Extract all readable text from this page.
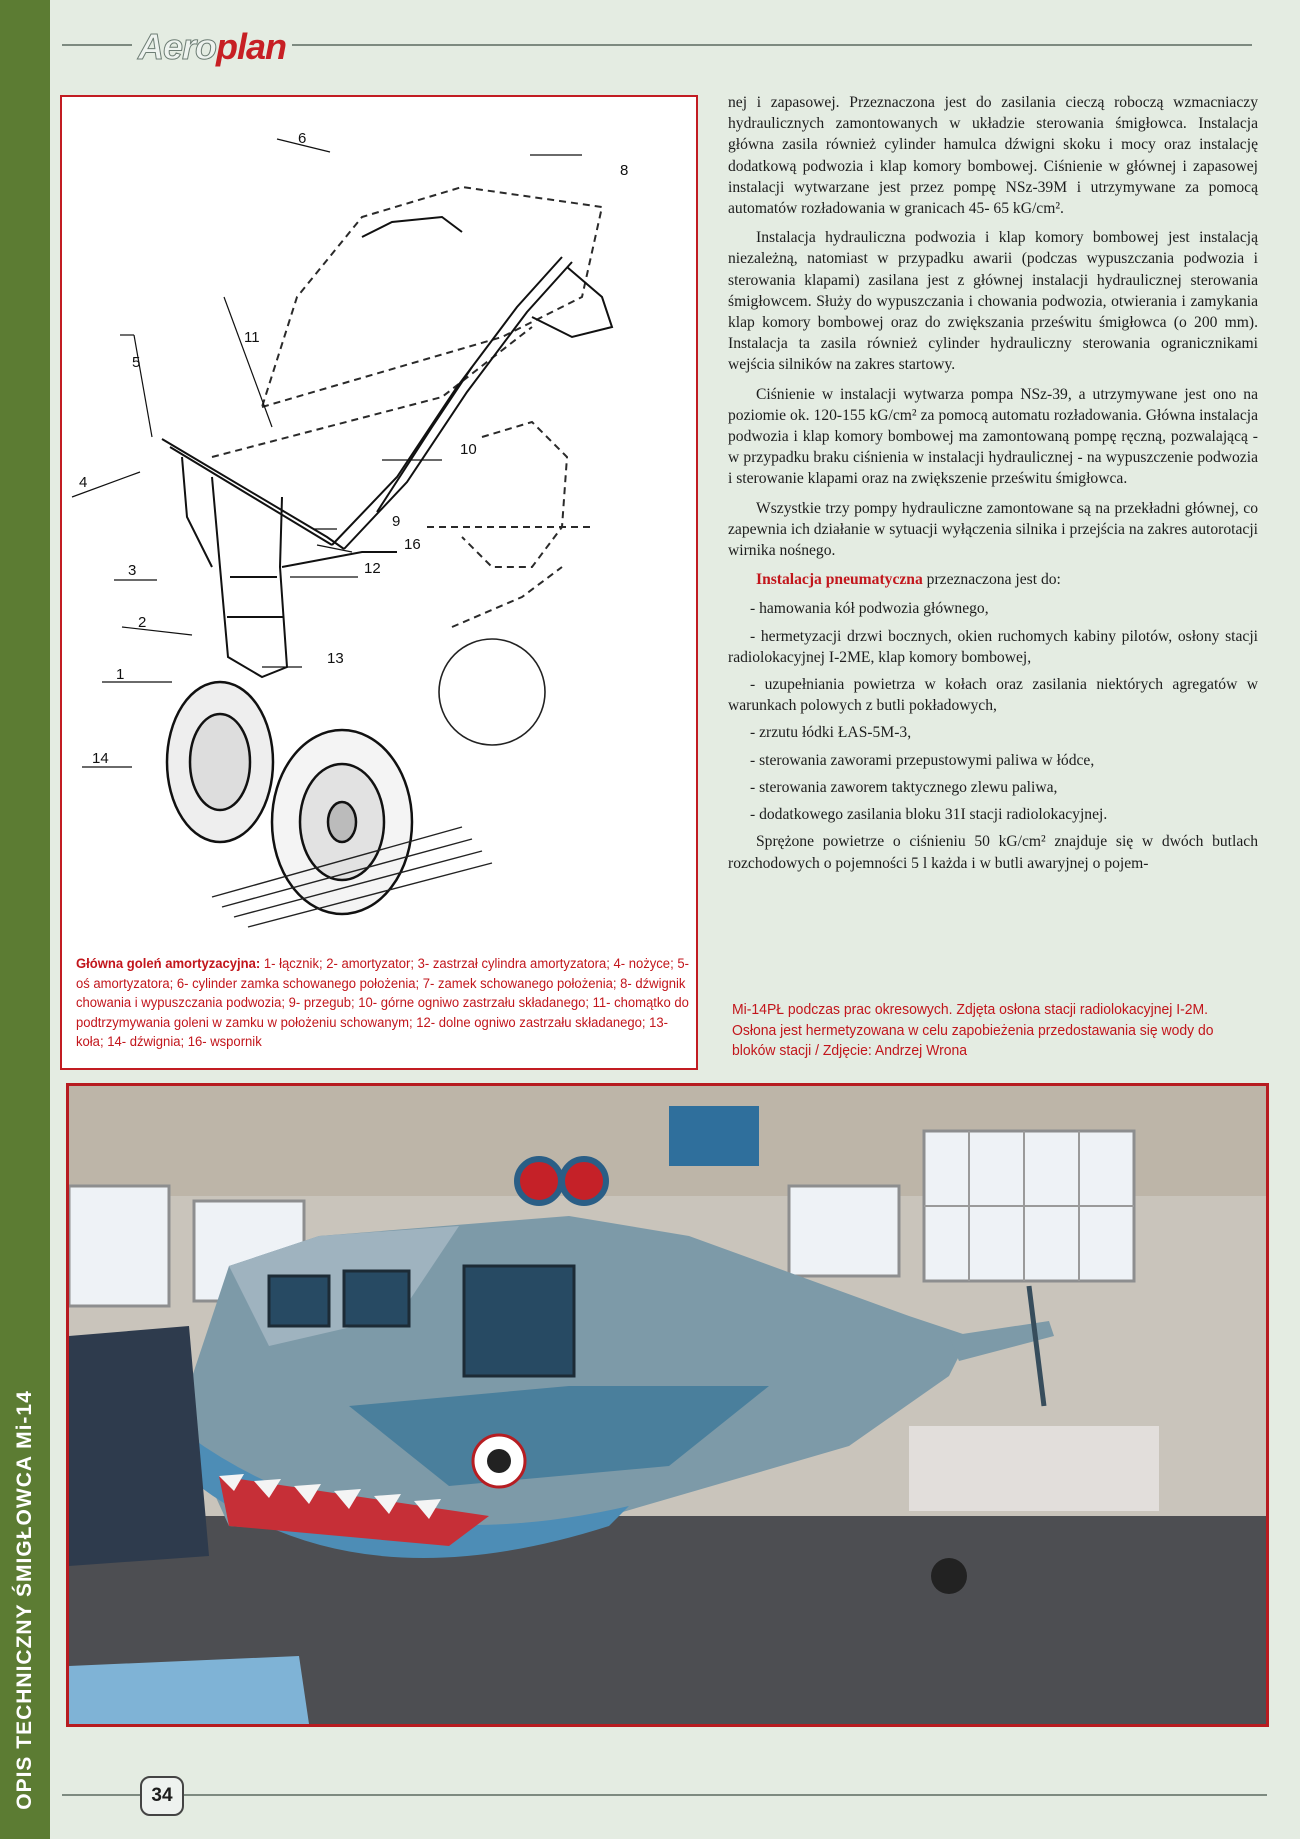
OPIS TECHNICZNY ŚMIGŁOWCA Mi-14
Aeroplan
6
8
11
5
10
4
9
16
3	12
2
13
1
14
Główna goleń amortyzacyjna: 1- łącznik; 2- amortyzator; 3- zastrzał cylindra amortyzatora; 4- nożyce; 5- oś amortyzatora; 6- cylinder zamka schowanego położenia; 7- zamek schowanego położenia; 8- dźwignik chowania i wypuszczania podwozia; 9- przegub; 10- górne ogniwo zastrzału składanego; 11- chomątko do podtrzymywania goleni w zamku w położeniu schowanym; 12- dolne ogniwo zastrzału składanego; 13- koła; 14- dźwignia; 16- wspornik

nej i zapasowej. Przeznaczona jest do zasilania cieczą roboczą wzmacniaczy hydraulicznych zamontowanych w układzie sterowania śmigłowca. Instalacja główna zasila również cylinder hamulca dźwigni skoku i mocy oraz instalację dodatkową podwozia i klap komory bombowej. Ciśnienie w głównej i zapasowej instalacji wytwarzane jest przez pompę NSz-39M i utrzymywane za pomocą automatów rozładowania w granicach 45- 65 kG/cm².

Instalacja hydrauliczna podwozia i klap komory bombowej jest instalacją niezależną, natomiast w przypadku awarii (podczas wypuszczania podwozia i sterowania klapami) zasilana jest z głównej instalacji hydraulicznej sterowania śmigłowcem. Służy do wypuszczania i chowania podwozia, otwierania i zamykania klap komory bombowej oraz do zwiększania prześwitu śmigłowca (o 200 mm). Instalacja ta zasila również cylinder hydrauliczny sterowania ogranicznikami wejścia silników na zakres startowy.

Ciśnienie w instalacji wytwarza pompa NSz-39, a utrzymywane jest ono na poziomie ok. 120-155 kG/cm² za pomocą automatu rozładowania. Główna instalacja podwozia i klap komory bombowej ma zamontowaną pompę ręczną, pozwalającą - w przypadku braku ciśnienia w instalacji hydraulicznej - na wypuszczenie podwozia i sterowanie klapami oraz na zwiększenie prześwitu śmigłowca.

Wszystkie trzy pompy hydrauliczne zamontowane są na przekładni głównej, co zapewnia ich działanie w sytuacji wyłączenia silnika i przejścia na zakres autorotacji wirnika nośnego.

Instalacja pneumatyczna przeznaczona jest do:

- hamowania kół podwozia głównego,

- hermetyzacji drzwi bocznych, okien ruchomych kabiny pilotów, osłony stacji radiolokacyjnej I-2ME, klap komory bombowej,

- uzupełniania powietrza w kołach oraz zasilania niektórych agregatów w warunkach polowych z butli pokładowych,

- zrzutu łódki ŁAS-5M-3,

- sterowania zaworami przepustowymi paliwa w łódce,

- sterowania zaworem taktycznego zlewu paliwa,

- dodatkowego zasilania bloku 31I stacji radiolokacyjnej.

Sprężone powietrze o ciśnieniu 50 kG/cm² znajduje się w dwóch butlach rozchodowych o pojemności 5 l każda i w butli awaryjnej o pojem-

Mi-14PŁ podczas prac okresowych. Zdjęta osłona stacji radiolokacyjnej I-2M. Osłona jest hermetyzowana w celu zapobieżenia przedostawania się wody do bloków stacji / Zdjęcie: Andrzej Wrona
34
